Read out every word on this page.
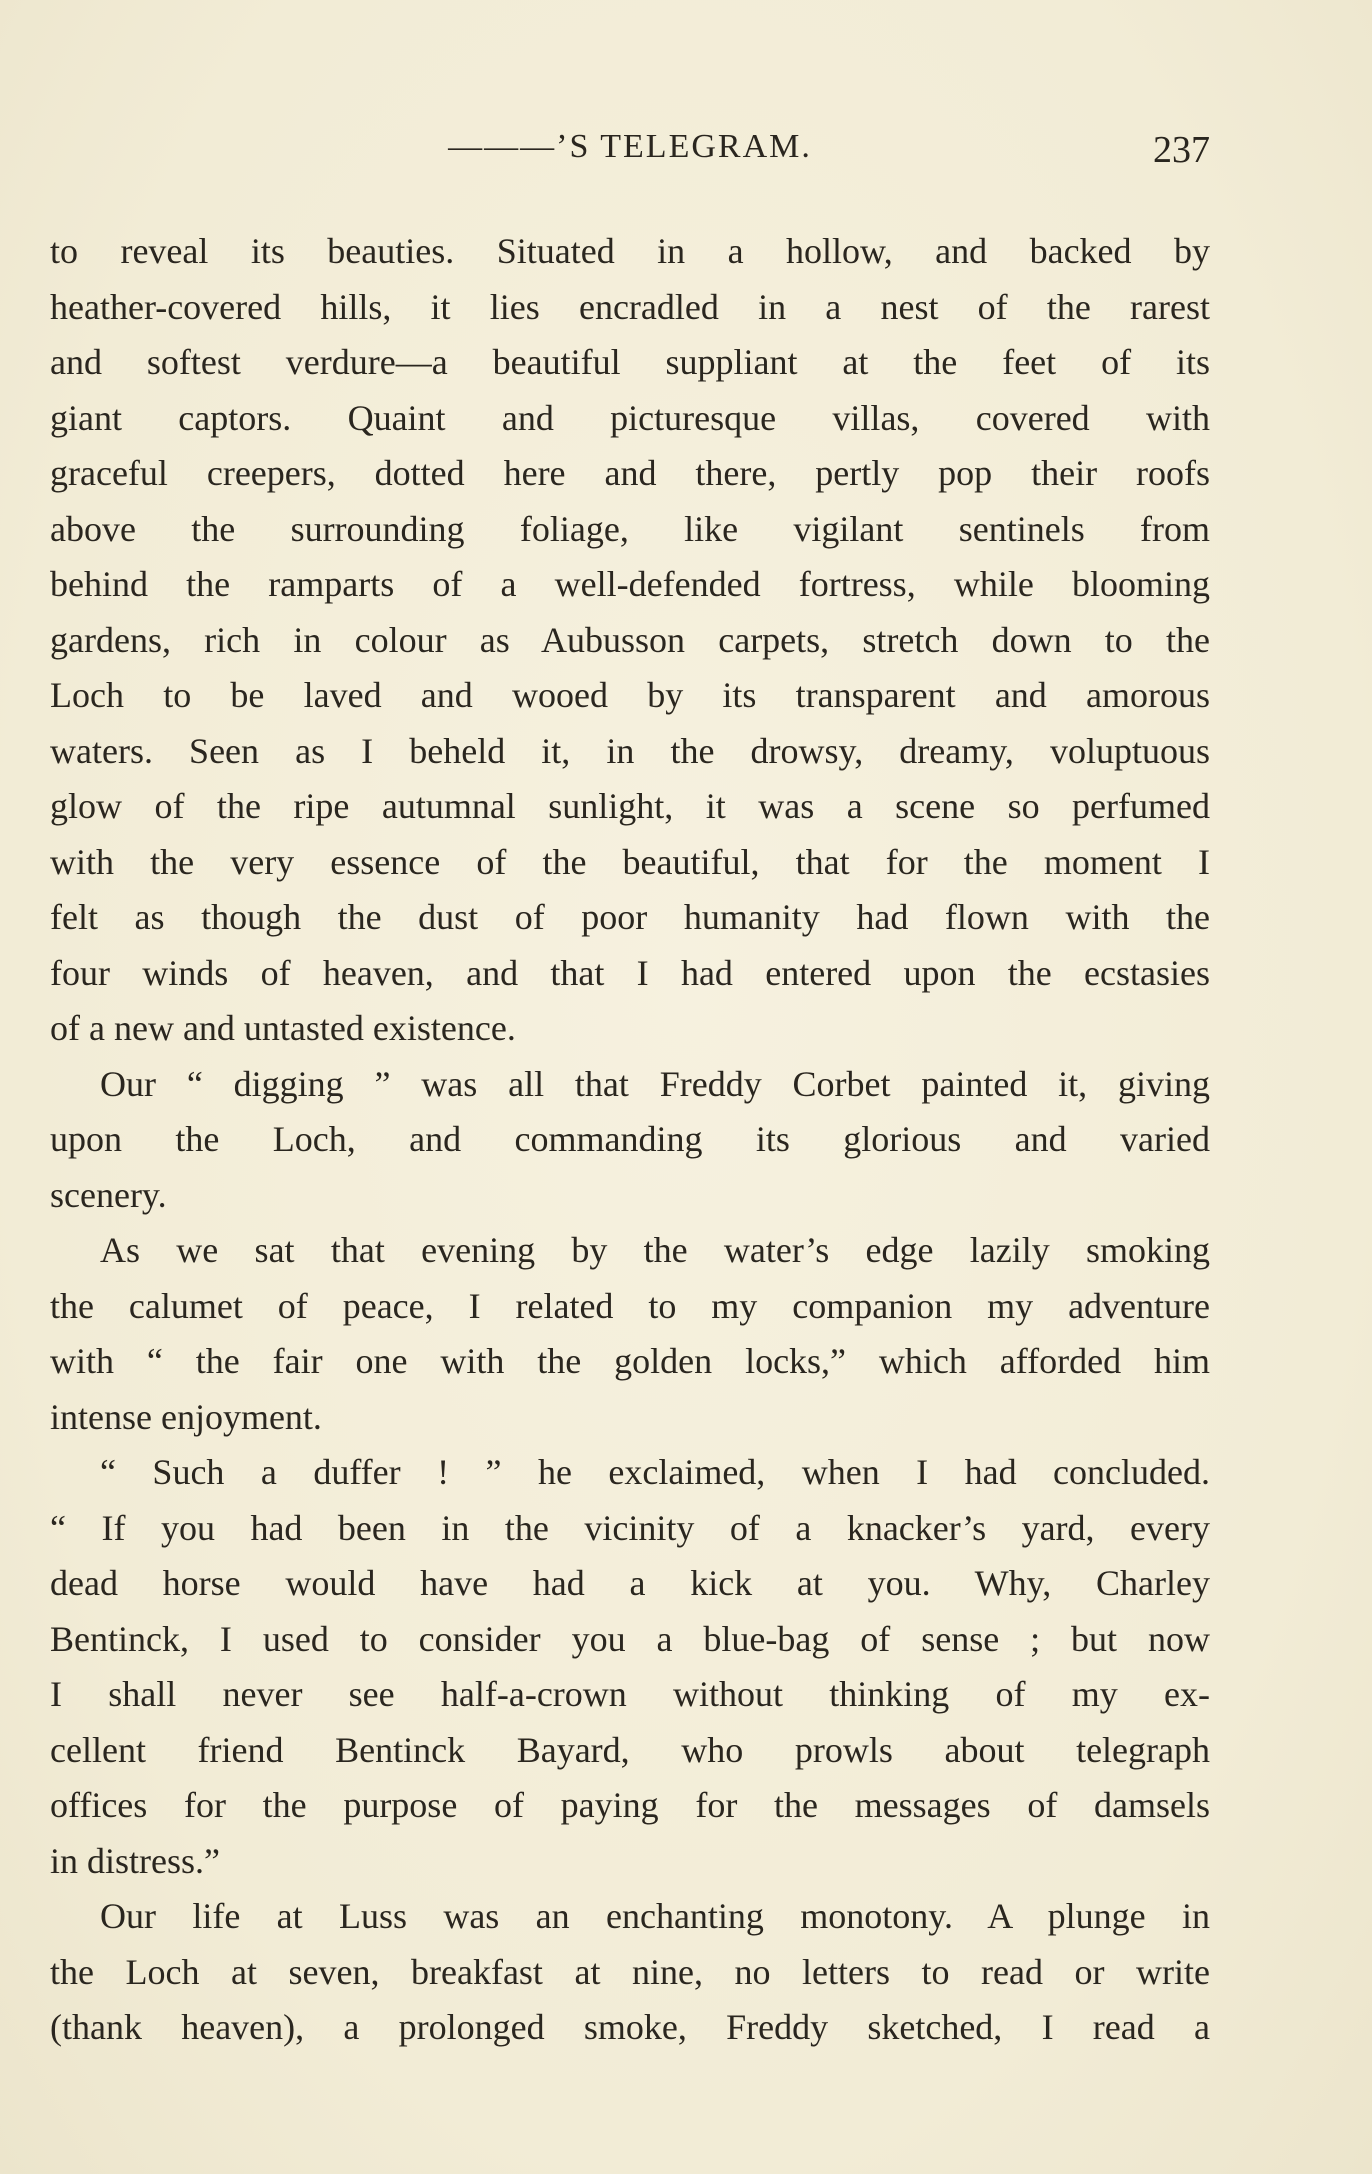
———’S TELEGRAM.	237
to reveal its beauties. Situated in a hollow, and backed by
heather-covered hills, it lies encradled in a nest of the rarest
and softest verdure—a beautiful suppliant at the feet of its
giant captors. Quaint and picturesque villas, covered with
graceful creepers, dotted here and there, pertly pop their roofs
above the surrounding foliage, like vigilant sentinels from
behind the ramparts of a well-defended fortress, while blooming
gardens, rich in colour as Aubusson carpets, stretch down to the
Loch to be laved and wooed by its transparent and amorous
waters. Seen as I beheld it, in the drowsy, dreamy, voluptuous
glow of the ripe autumnal sunlight, it was a scene so perfumed
with the very essence of the beautiful, that for the moment I
felt as though the dust of poor humanity had flown with the
four winds of heaven, and that I had entered upon the ecstasies
of a new and untasted existence.
Our “ digging ” was all that Freddy Corbet painted it, giving
upon the Loch, and commanding its glorious and varied
scenery.
As we sat that evening by the water’s edge lazily smoking
the calumet of peace, I related to my companion my adventure
with “ the fair one with the golden locks,” which afforded him
intense enjoyment.
“ Such a duffer ! ” he exclaimed, when I had concluded.
“ If you had been in the vicinity of a knacker’s yard, every
dead horse would have had a kick at you. Why, Charley
Bentinck, I used to consider you a blue-bag of sense ; but now
I shall never see half-a-crown without thinking of my ex-
cellent friend Bentinck Bayard, who prowls about telegraph
offices for the purpose of paying for the messages of damsels
in distress.”
Our life at Luss was an enchanting monotony. A plunge in
the Loch at seven, breakfast at nine, no letters to read or write
(thank heaven), a prolonged smoke, Freddy sketched, I read a
